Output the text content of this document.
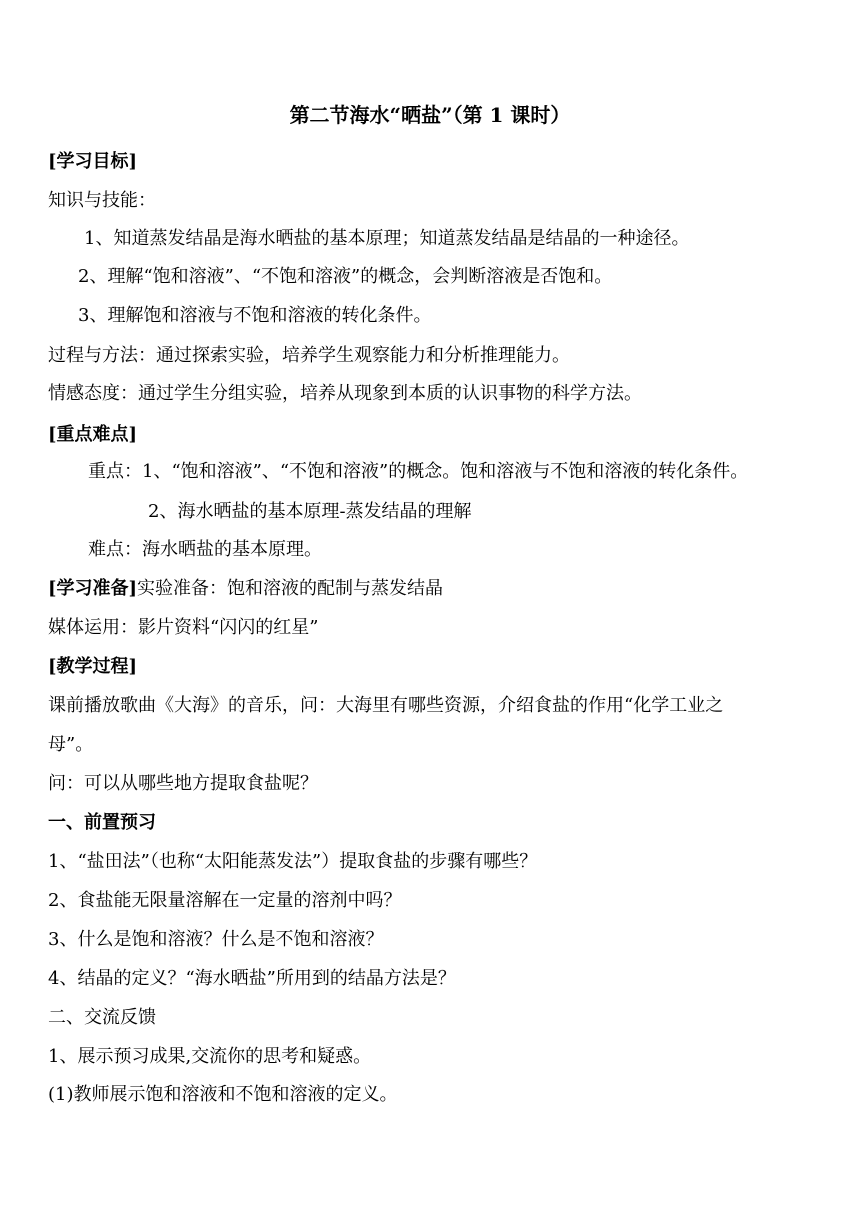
第二节海水“晒盐”（第 1 课时）
[学习目标]
知识与技能：
1、知道蒸发结晶是海水晒盐的基本原理；知道蒸发结晶是结晶的一种途径。
2、理解“饱和溶液”、“不饱和溶液”的概念，会判断溶液是否饱和。
3、理解饱和溶液与不饱和溶液的转化条件。
过程与方法：通过探索实验，培养学生观察能力和分析推理能力。
情感态度：通过学生分组实验，培养从现象到本质的认识事物的科学方法。
[重点难点]
重点：1、“饱和溶液”、“不饱和溶液”的概念。饱和溶液与不饱和溶液的转化条件。
2、海水晒盐的基本原理-蒸发结晶的理解
难点：海水晒盐的基本原理。
[学习准备]实验准备：饱和溶液的配制与蒸发结晶
媒体运用：影片资料“闪闪的红星”
[教学过程]
课前播放歌曲《大海》的音乐，问：大海里有哪些资源，介绍食盐的作用“化学工业之
母”。
问：可以从哪些地方提取食盐呢？
一、前置预习
1、“盐田法”（也称“太阳能蒸发法”）提取食盐的步骤有哪些？
2、食盐能无限量溶解在一定量的溶剂中吗？
3、什么是饱和溶液？什么是不饱和溶液？
4、结晶的定义？“海水晒盐”所用到的结晶方法是？
二、交流反馈
1、展示预习成果,交流你的思考和疑惑。
(1)教师展示饱和溶液和不饱和溶液的定义。
